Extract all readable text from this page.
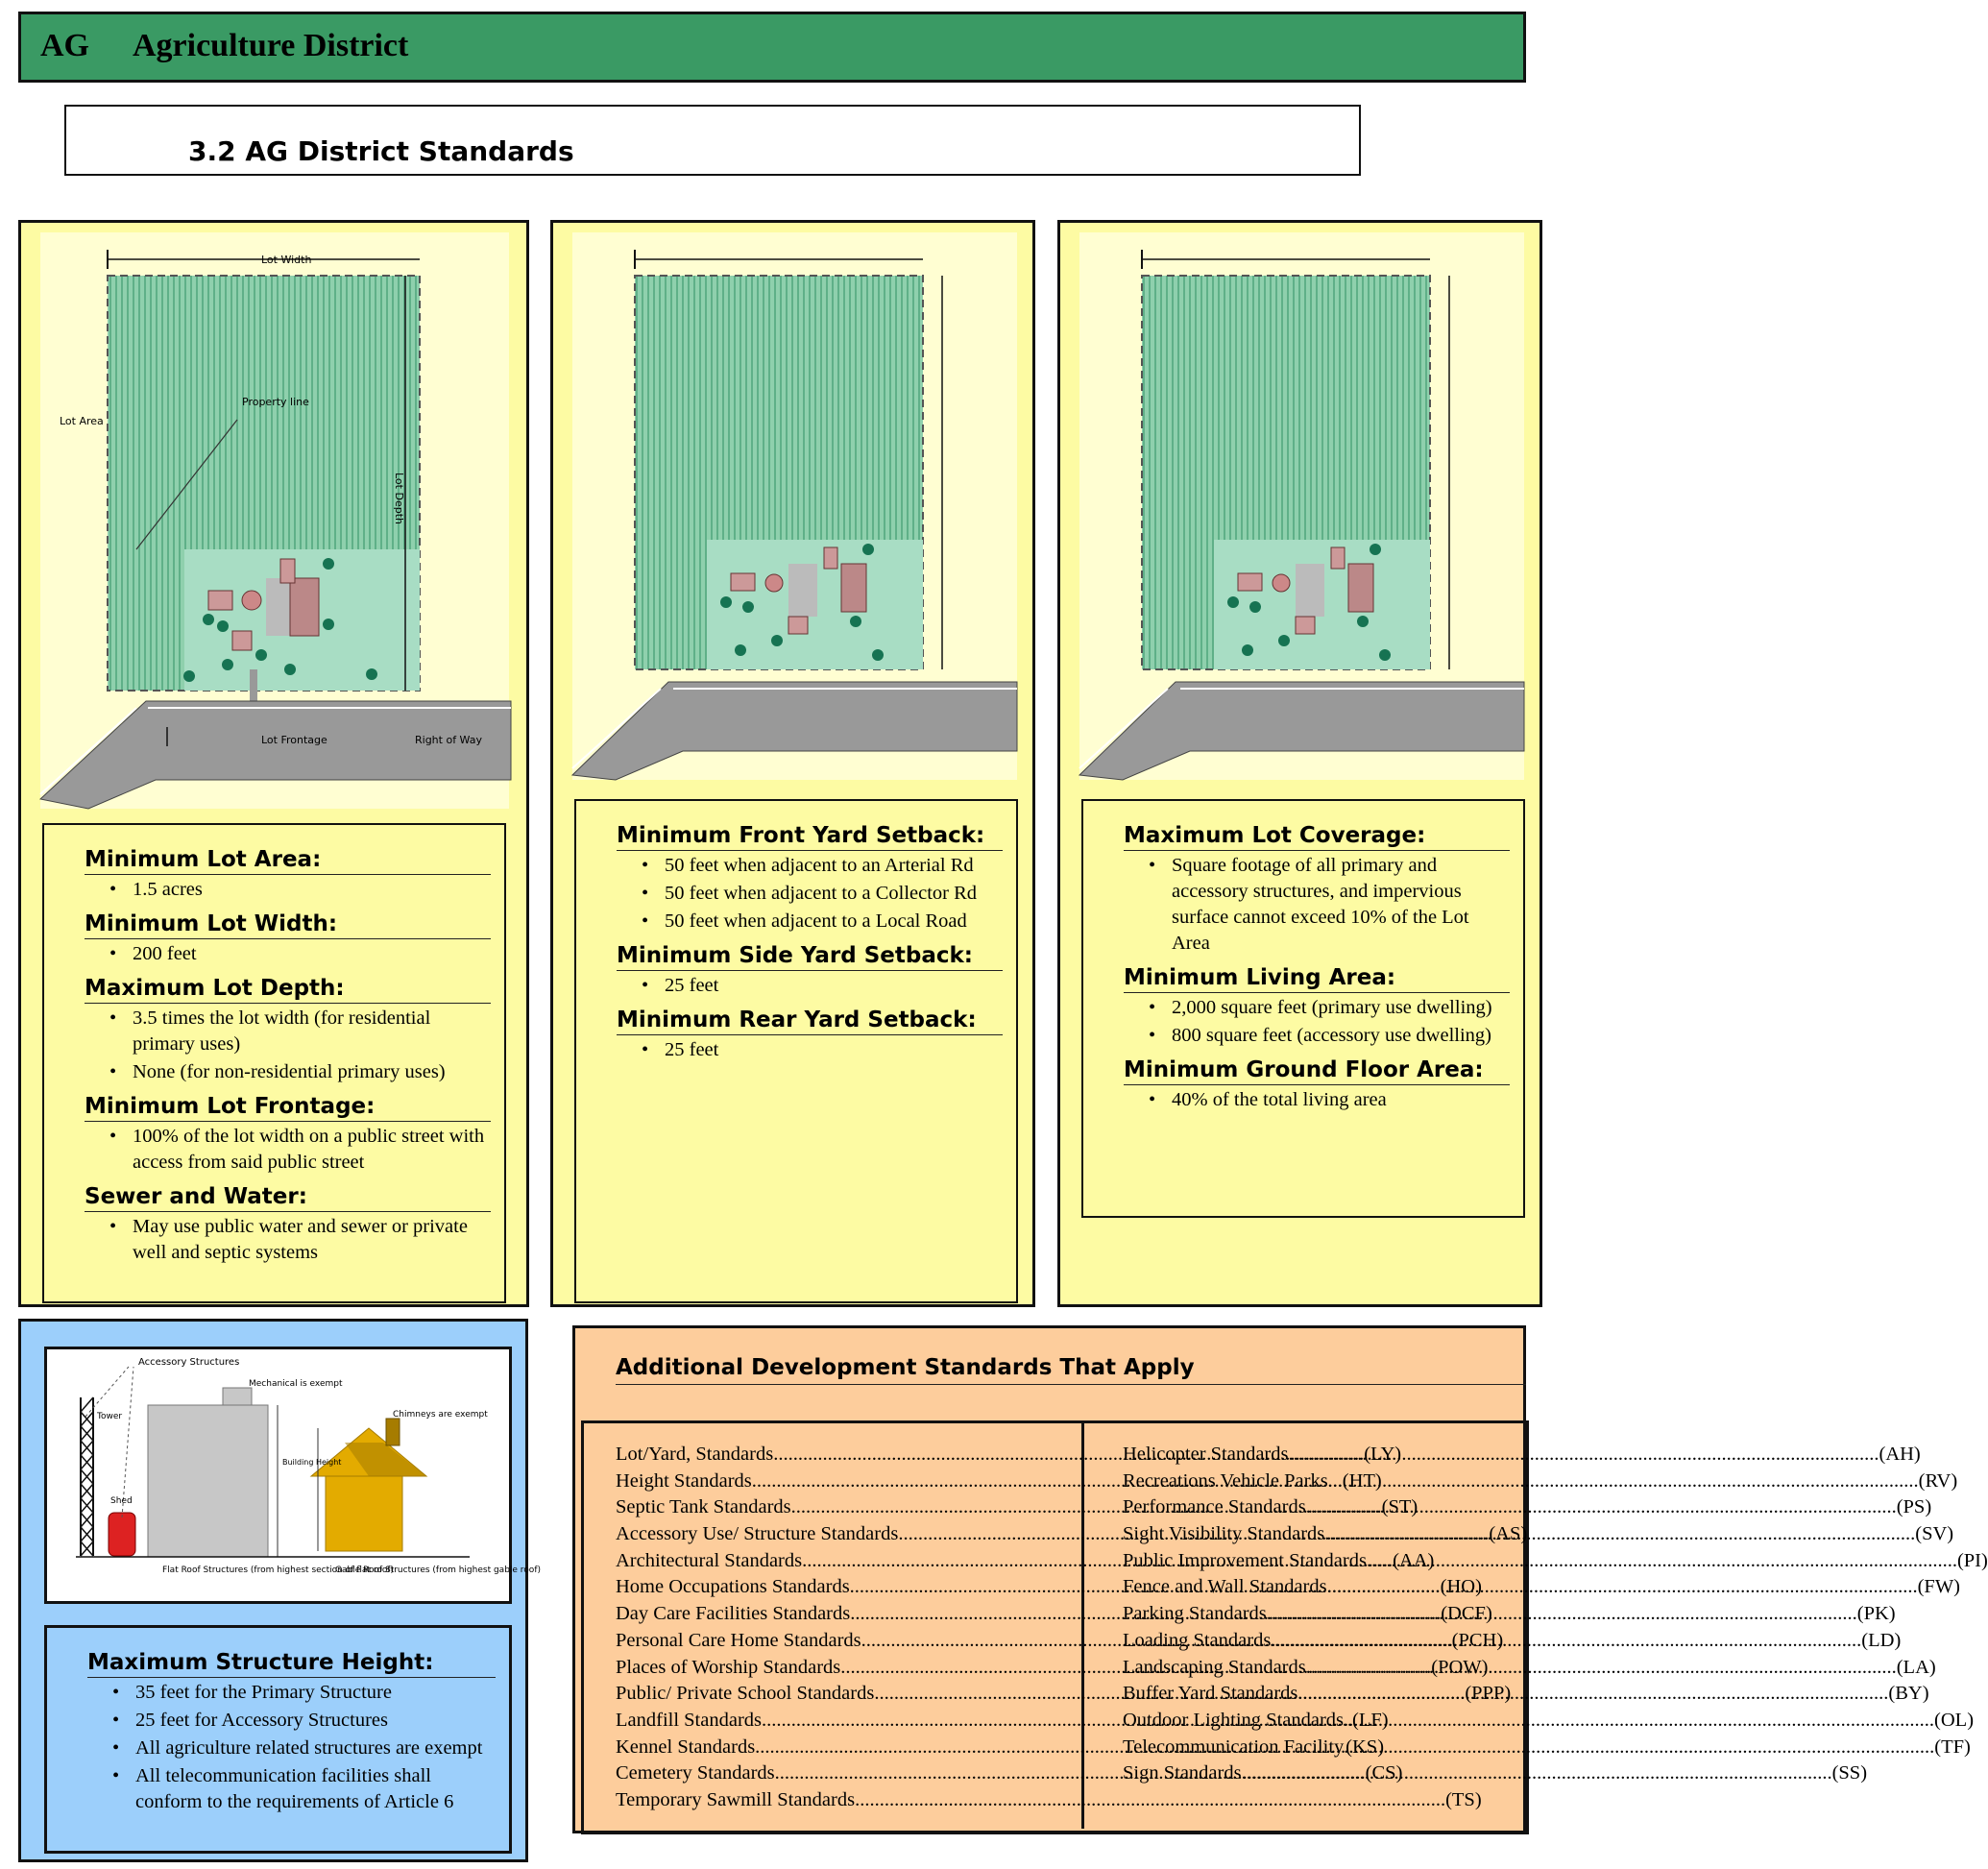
AG Agriculture District
3.2 AG District Standards
Lot Width
Lot Depth
Lot Area
Property line
Lot Frontage	Right of Way
Minimum Lot Area:
• 1.5 acres
Minimum Lot Width:
• 200 feet
Maximum Lot Depth:
• 3.5 times the lot width (for residential primary uses)
• None (for non-residential primary uses)
Minimum Lot Frontage:
• 100% of the lot width on a public street with access from said public street
Sewer and Water:
• May use public water and sewer or private well and septic systems
Minimum Front Yard Setback:
• 50 feet when adjacent to an Arterial Rd
• 50 feet when adjacent to a Collector Rd
• 50 feet when adjacent to a Local Road
Minimum Side Yard Setback:
• 25 feet
Minimum Rear Yard Setback:
• 25 feet
Maximum Lot Coverage:
• Square footage of all primary and accessory structures, and impervious surface cannot exceed 10% of the Lot Area
Minimum Living Area:
• 2,000 square feet (primary use dwelling)
• 800 square feet (accessory use dwelling)
Minimum Ground Floor Area:
• 40% of the total living area
Accessory Structures
Mechanical is exempt
Chimneys are exempt
Tower
Shed
Building Height
Flat Roof Structures (from highest section of flat roof)
Gable Roof Structures (from highest gable roof)
Maximum Structure Height:
• 35 feet for the Primary Structure
• 25 feet for Accessory Structures
• All agriculture related structures are exempt
• All telecommunication facilities shall conform to the requirements of Article 6
Additional Development Standards That Apply
Lot/Yard, Standards .....	(LY)
Height Standards .....	(HT)
Septic Tank Standards .....	(ST)
Accessory Use/ Structure Standards .....	(AS)
Architectural Standards .....	(AA)
Home Occupations Standards .....	(HO)
Day Care Facilities Standards .....	(DCF)
Personal Care Home Standards .....	(PCH)
Places of Worship Standards .....	(POW)
Public/ Private School Standards .....	(PPP)
Landfill Standards .....	(LF)
Kennel Standards .....	(KS)
Cemetery Standards .....	(CS)
Temporary Sawmill Standards .....	(TS)
Helicopter Standards .....	(AH)
Recreations Vehicle Parks .....	(RV)
Performance Standards .....	(PS)
Sight Visibility Standards .....	(SV)
Public Improvement Standards .....	(PI)
Fence and Wall Standards .....	(FW)
Parking Standards .....	(PK)
Loading Standards .....	(LD)
Landscaping Standards .....	(LA)
Buffer Yard Standards .....	(BY)
Outdoor Lighting Standards .....	(OL)
Telecommunication Facility .....	(TF)
Sign Standards .....	(SS)
